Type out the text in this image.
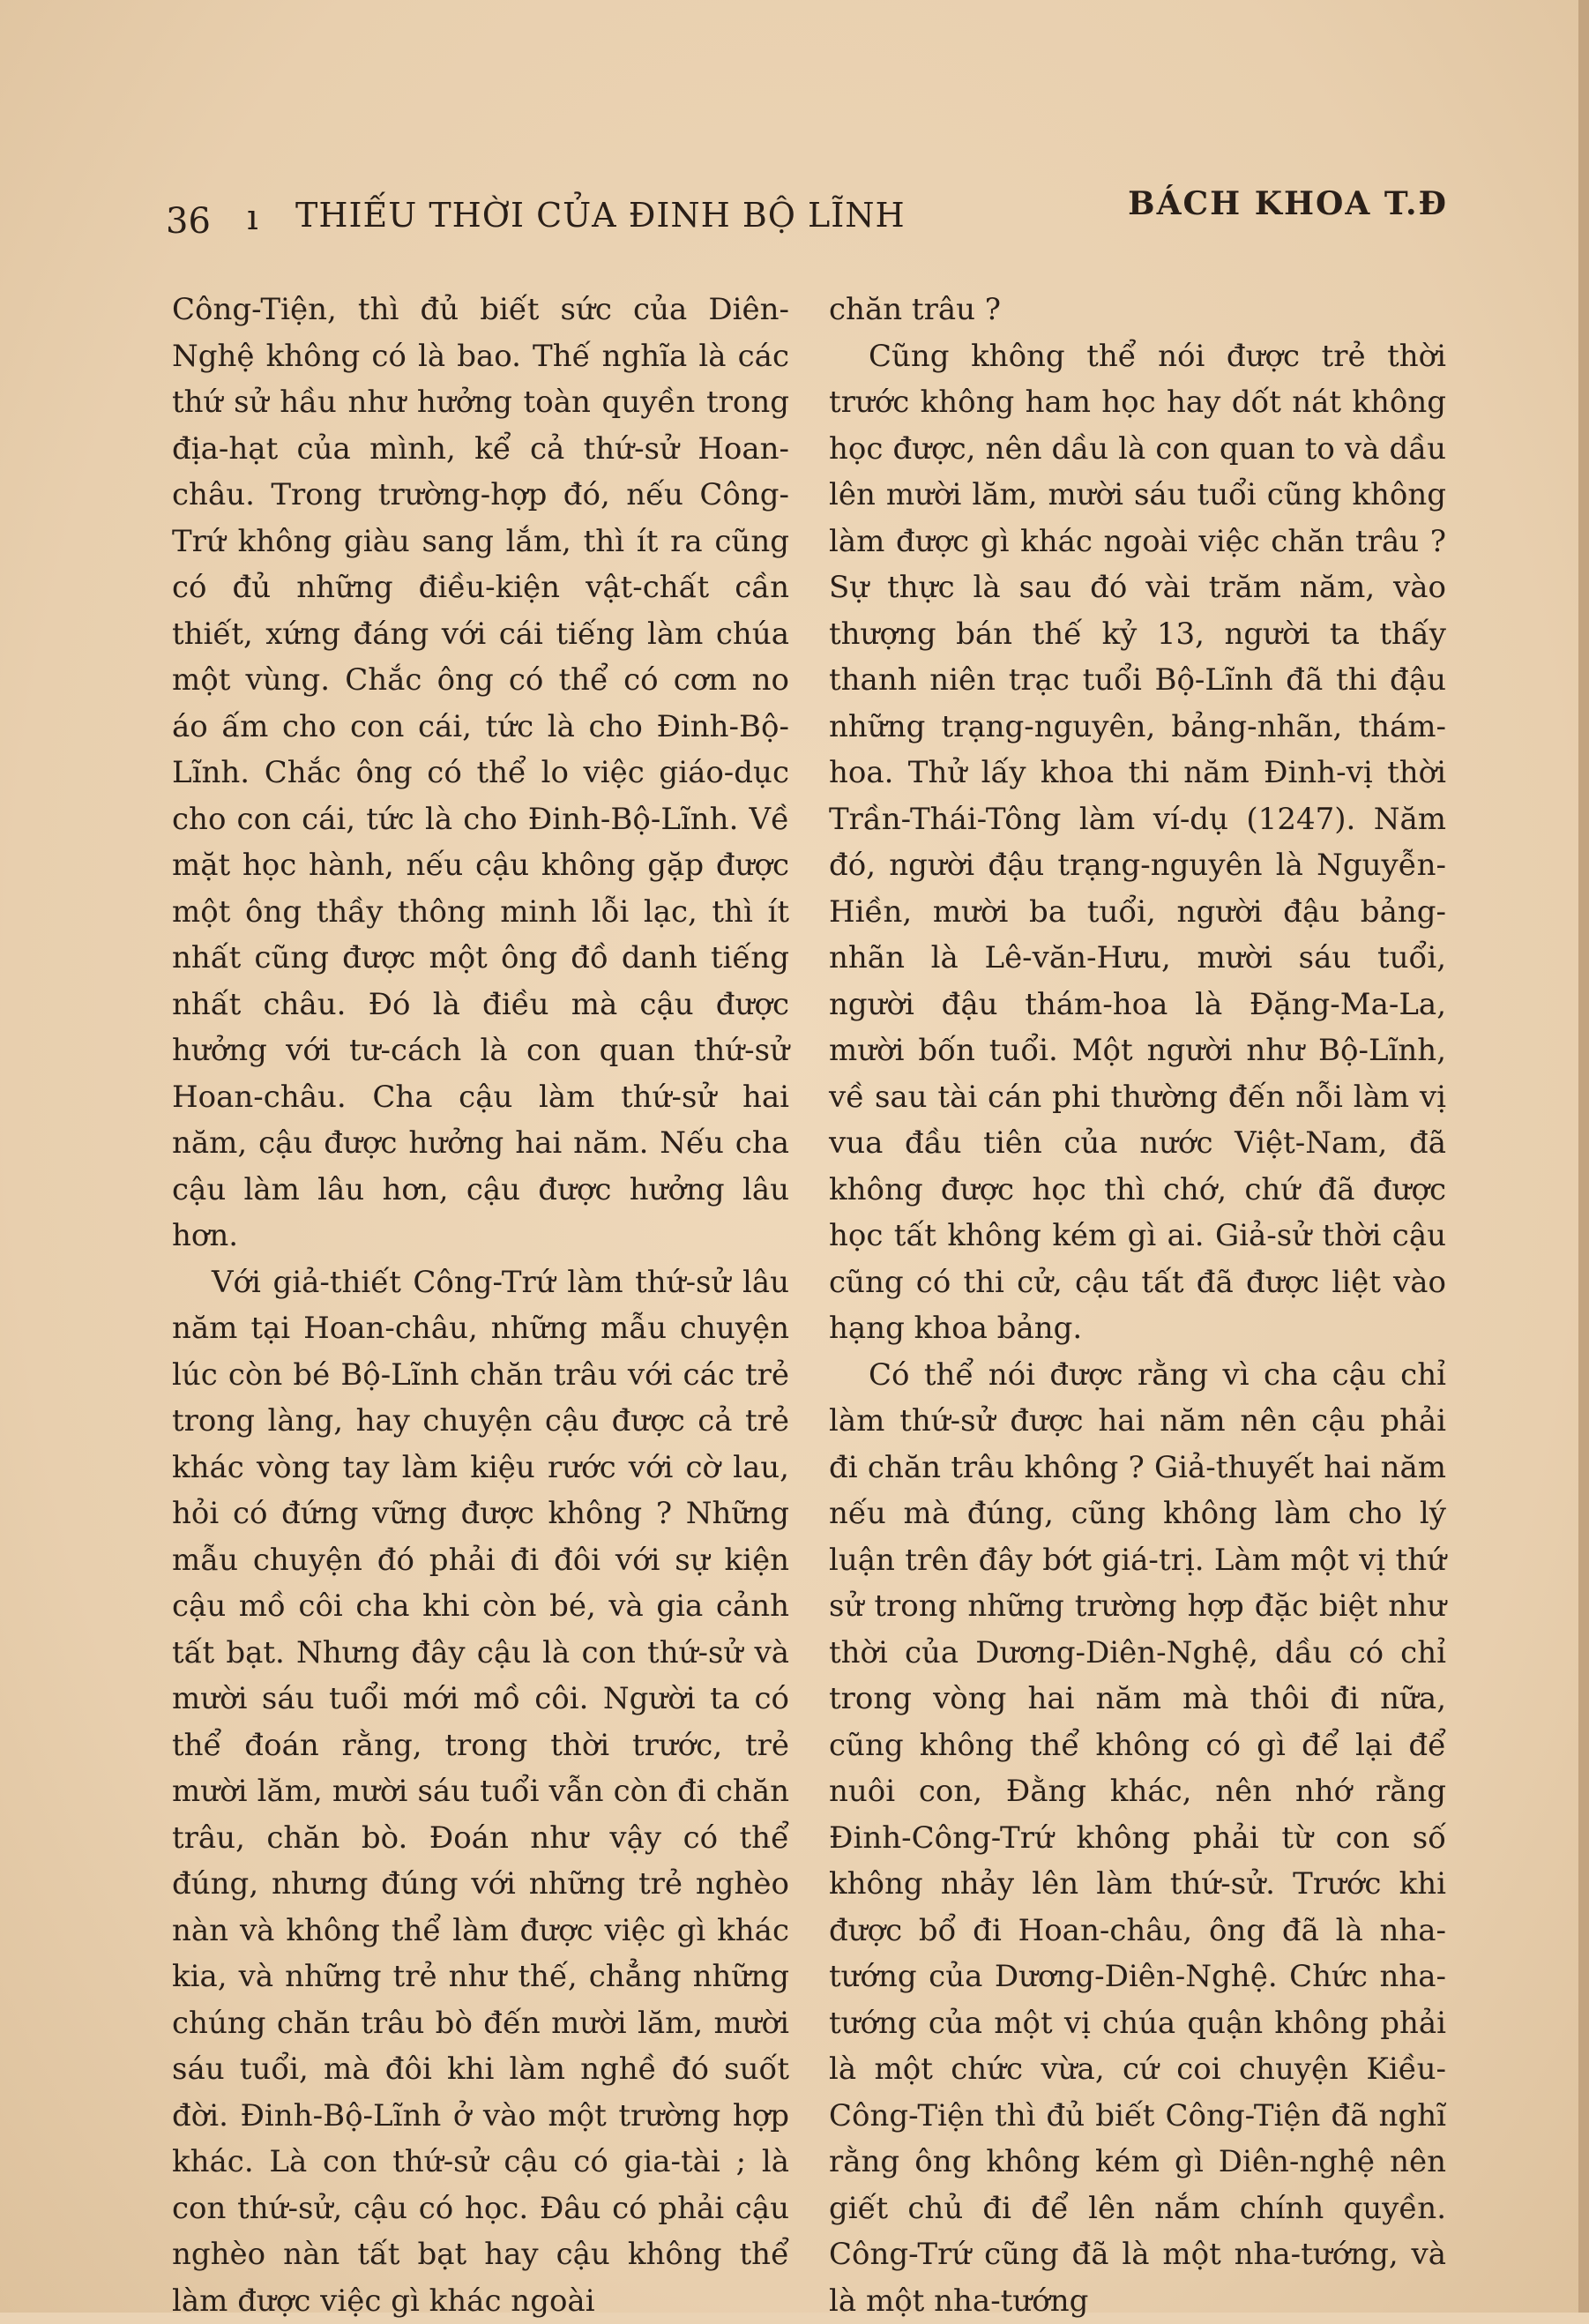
36 ı THIẾU THỜI CỦA ĐINH BỘ LĨNH	BÁCH KHOA T.Đ

Công-Tiện, thì đủ biết sức của Diên-Nghệ không có là bao. Thế nghĩa là các thứ sử hầu như hưởng toàn quyền trong địa-hạt của mình, kể cả thứ-sử Hoan-châu. Trong trường-hợp đó, nếu Công-Trứ không giàu sang lắm, thì ít ra cũng có đủ những điều-kiện vật-chất cần thiết, xứng đáng với cái tiếng làm chúa một vùng. Chắc ông có thể có cơm no áo ấm cho con cái, tức là cho Đinh-Bộ-Lĩnh. Chắc ông có thể lo việc giáo-dục cho con cái, tức là cho Đinh-Bộ-Lĩnh. Về mặt học hành, nếu cậu không gặp được một ông thầy thông minh lỗi lạc, thì ít nhất cũng được một ông đồ danh tiếng nhất châu. Đó là điều mà cậu được hưởng với tư-cách là con quan thứ-sử Hoan-châu. Cha cậu làm thứ-sử hai năm, cậu được hưởng hai năm. Nếu cha cậu làm lâu hơn, cậu được hưởng lâu hơn.

Với giả-thiết Công-Trứ làm thứ-sử lâu năm tại Hoan-châu, những mẫu chuyện lúc còn bé Bộ-Lĩnh chăn trâu với các trẻ trong làng, hay chuyện cậu được cả trẻ khác vòng tay làm kiệu rước với cờ lau, hỏi có đứng vững được không ? Những mẫu chuyện đó phải đi đôi với sự kiện cậu mồ côi cha khi còn bé, và gia cảnh tất bạt. Nhưng đây cậu là con thứ-sử và mười sáu tuổi mới mồ côi. Người ta có thể đoán rằng, trong thời trước, trẻ mười lăm, mười sáu tuổi vẫn còn đi chăn trâu, chăn bò. Đoán như vậy có thể đúng, nhưng đúng với những trẻ nghèo nàn và không thể làm được việc gì khác kia, và những trẻ như thế, chẳng những chúng chăn trâu bò đến mười lăm, mười sáu tuổi, mà đôi khi làm nghề đó suốt đời. Đinh-Bộ-Lĩnh ở vào một trường hợp khác. Là con thứ-sử cậu có gia-tài ; là con thứ-sử, cậu có học. Đâu có phải cậu nghèo nàn tất bạt hay cậu không thể làm được việc gì khác ngoài

chăn trâu ?

Cũng không thể nói được trẻ thời trước không ham học hay dốt nát không học được, nên dầu là con quan to và dầu lên mười lăm, mười sáu tuổi cũng không làm được gì khác ngoài việc chăn trâu ? Sự thực là sau đó vài trăm năm, vào thượng bán thế kỷ 13, người ta thấy thanh niên trạc tuổi Bộ-Lĩnh đã thi đậu những trạng-nguyên, bảng-nhãn, thám-hoa. Thử lấy khoa thi năm Đinh-vị thời Trần-Thái-Tông làm ví-dụ (1247). Năm đó, người đậu trạng-nguyên là Nguyễn-Hiền, mười ba tuổi, người đậu bảng-nhãn là Lê-văn-Hưu, mười sáu tuổi, người đậu thám-hoa là Đặng-Ma-La, mười bốn tuổi. Một người như Bộ-Lĩnh, về sau tài cán phi thường đến nỗi làm vị vua đầu tiên của nước Việt-Nam, đã không được học thì chớ, chứ đã được học tất không kém gì ai. Giả-sử thời cậu cũng có thi cử, cậu tất đã được liệt vào hạng khoa bảng.

Có thể nói được rằng vì cha cậu chỉ làm thứ-sử được hai năm nên cậu phải đi chăn trâu không ? Giả-thuyết hai năm nếu mà đúng, cũng không làm cho lý luận trên đây bớt giá-trị. Làm một vị thứ sử trong những trường hợp đặc biệt như thời của Dương-Diên-Nghệ, dầu có chỉ trong vòng hai năm mà thôi đi nữa, cũng không thể không có gì để lại để nuôi con, Đằng khác, nên nhớ rằng Đinh-Công-Trứ không phải từ con số không nhảy lên làm thứ-sử. Trước khi được bổ đi Hoan-châu, ông đã là nha-tướng của Dương-Diên-Nghệ. Chức nha-tướng của một vị chúa quận không phải là một chức vừa, cứ coi chuyện Kiều-Công-Tiện thì đủ biết Công-Tiện đã nghĩ rằng ông không kém gì Diên-nghệ nên giết chủ đi để lên nắm chính quyền. Công-Trứ cũng đã là một nha-tướng, và là một nha-tướng
